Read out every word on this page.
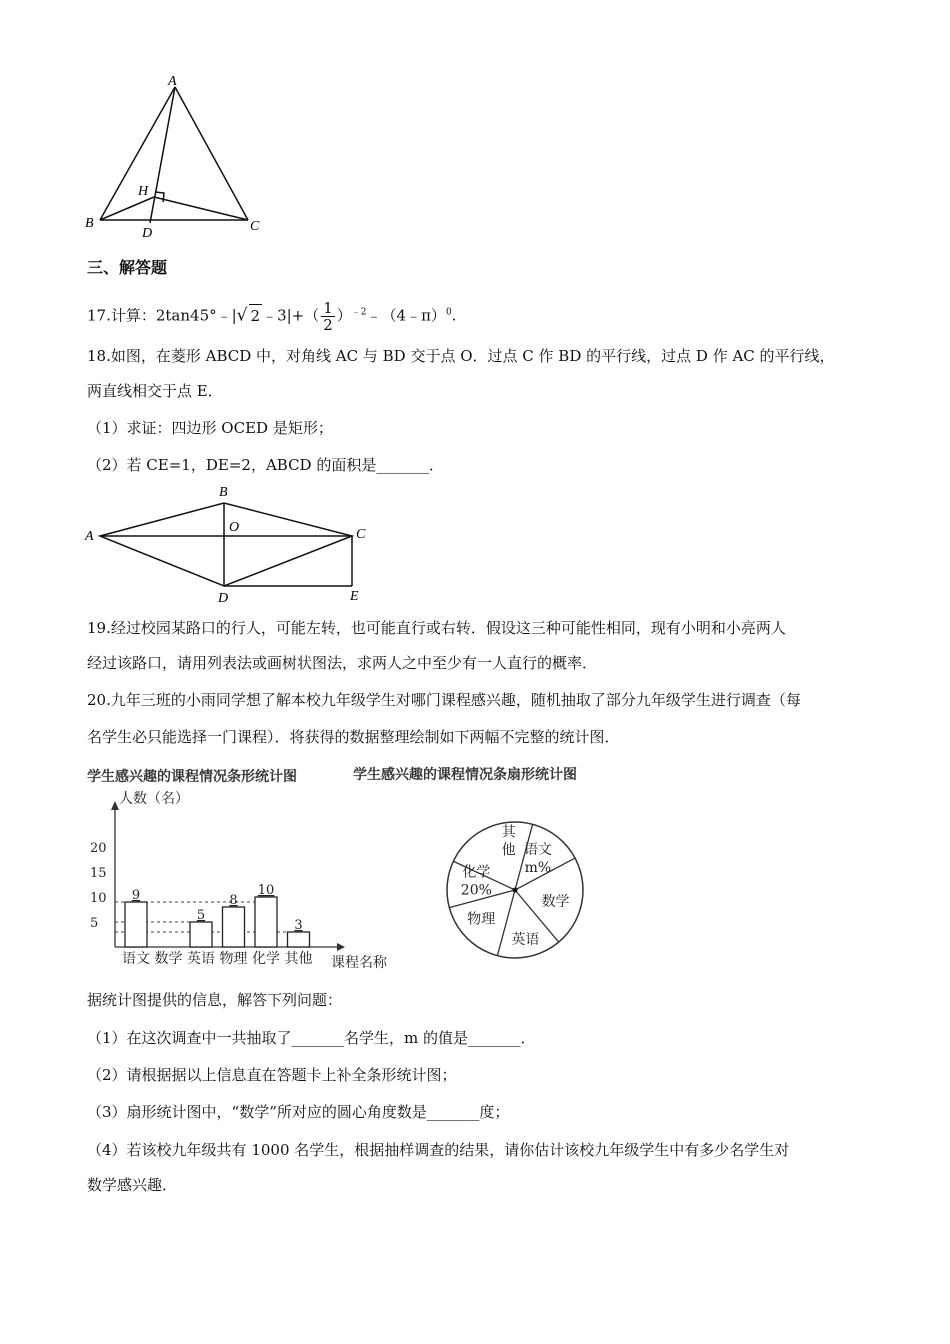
A
B	C
D
H
三、解答题
17.计算：2tan45°﹣|√ 2 ﹣3|+（ $\frac{1}{2}$ ）$^{﹣2}$﹣（4﹣π）$^0$.
18.如图，在菱形 ABCD 中，对角线 AC 与 BD 交于点 O．过点 C 作 BD 的平行线，过点 D 作 AC 的平行线，
两直线相交于点 E．
（1）求证：四边形 OCED 是矩形；
（2）若 CE=1，DE=2，ABCD 的面积是_______．
A
B
C
D
O
E
19.经过校园某路口的行人，可能左转，也可能直行或右转．假设这三种可能性相同，现有小明和小亮两人
经过该路口，请用列表法或画树状图法，求两人之中至少有一人直行的概率．
20.九年三班的小雨同学想了解本校九年级学生对哪门课程感兴趣，随机抽取了部分九年级学生进行调查（每
名学生必只能选择一门课程）．将获得的数据整理绘制如下两幅不完整的统计图．
学生感兴趣的课程情况条形统计图	学生感兴趣的课程情况条扇形统计图
人数（名）
课程名称
5
10
15
20
9
5
8
10
3
语文 数学 英语 物理 化学 其他
语文
m%
数学
英语
物理
化学
20%
其
他
据统计图提供的信息，解答下列问题：
（1）在这次调查中一共抽取了_______名学生，m 的值是_______．
（2）请根据据以上信息直在答题卡上补全条形统计图；
（3）扇形统计图中，“数学”所对应的圆心角度数是_______度；
（4）若该校九年级共有 1000 名学生，根据抽样调查的结果，请你估计该校九年级学生中有多少名学生对
数学感兴趣．
